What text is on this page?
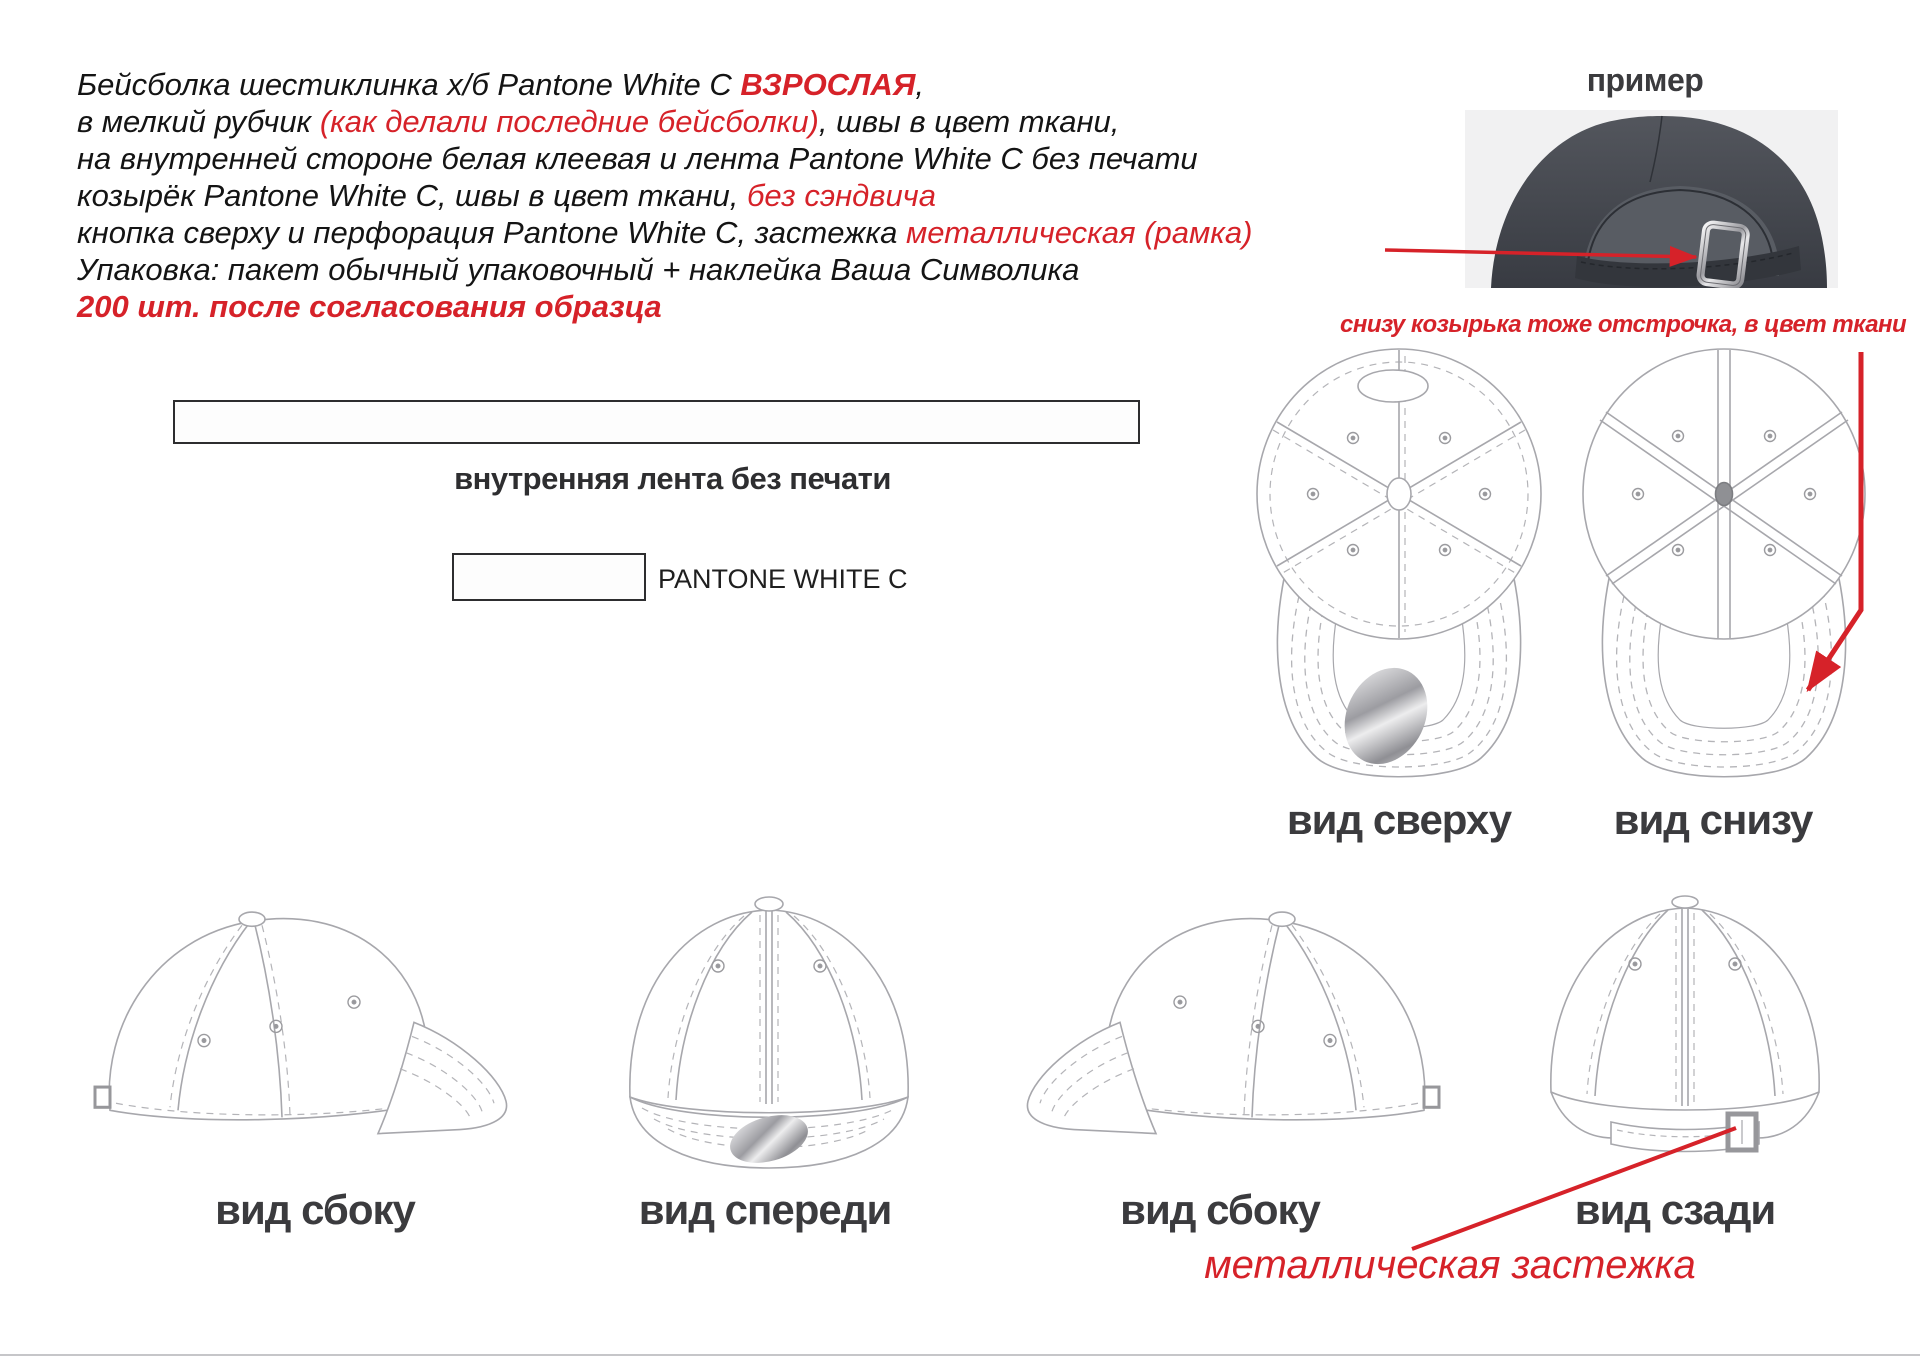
Бейсболка шестиклинка х/б Pantone White C ВЗРОСЛАЯ,
в мелкий рубчик (как делали последние бейсболки), швы в цвет ткани,
на внутренней стороне белая клеевая и лента Pantone White C без печати
козырёк Pantone White C, швы в цвет ткани, без сэндвича
кнопка сверху и перфорация Pantone White C, застежка металлическая (рамка)
Упаковка: пакет обычный упаковочный + наклейка Ваша Символика
200 шт. после согласования образца
пример
снизу козырька тоже отстрочка, в цвет ткани
внутренняя лента без печати
PANTONE WHITE C
вид сверху	вид снизу
вид сбоку	вид спереди	вид сбоку	вид сзади
металлическая застежка
